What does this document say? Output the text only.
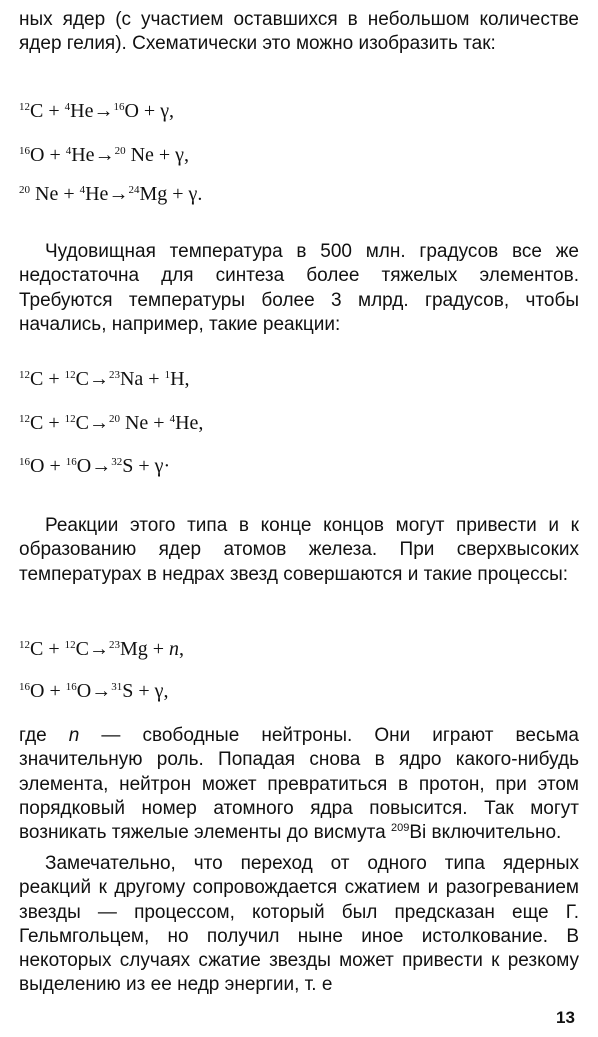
ных ядер (с участием оставшихся в небольшом количестве ядер гелия). Схематически это можно изобразить так:
$^{12}$C + $^4$He→$^{16}$O + γ,
$^{16}$O + $^4$He→$^{20}$ Ne + γ,
$^{20}$ Ne + $^4$He→$^{24}$Mg + γ.
Чудовищная температура в 500 млн. градусов все же недостаточна для синтеза более тяжелых элементов. Требуются температуры более 3 млрд. градусов, чтобы начались, например, такие реакции:
$^{12}$C + $^{12}$C→$^{23}$Na + $^1$H,
$^{12}$C + $^{12}$C→$^{20}$ Ne + $^4$He,
$^{16}$O + $^{16}$O→$^{32}$S + γ·
Реакции этого типа в конце концов могут привести и к образованию ядер атомов железа. При сверхвысоких температурах в недрах звезд совершаются и такие процессы:
$^{12}$C + $^{12}$C→$^{23}$Mg + n,
$^{16}$O + $^{16}$O→$^{31}$S + γ,
где n — свободные нейтроны. Они играют весьма значительную роль. Попадая снова в ядро какого-нибудь элемента, нейтрон может превратиться в протон, при этом порядковый номер атомного ядра повысится. Так могут возникать тяжелые элементы до висмута $^{209}$Bi включительно.
Замечательно, что переход от одного типа ядерных реакций к другому сопровождается сжатием и разогреванием звезды — процессом, который был предсказан еще Г. Гельмгольцем, но получил ныне иное истолкование. В некоторых случаях сжатие звезды может привести к резкому выделению из ее недр энергии, т. е
13
